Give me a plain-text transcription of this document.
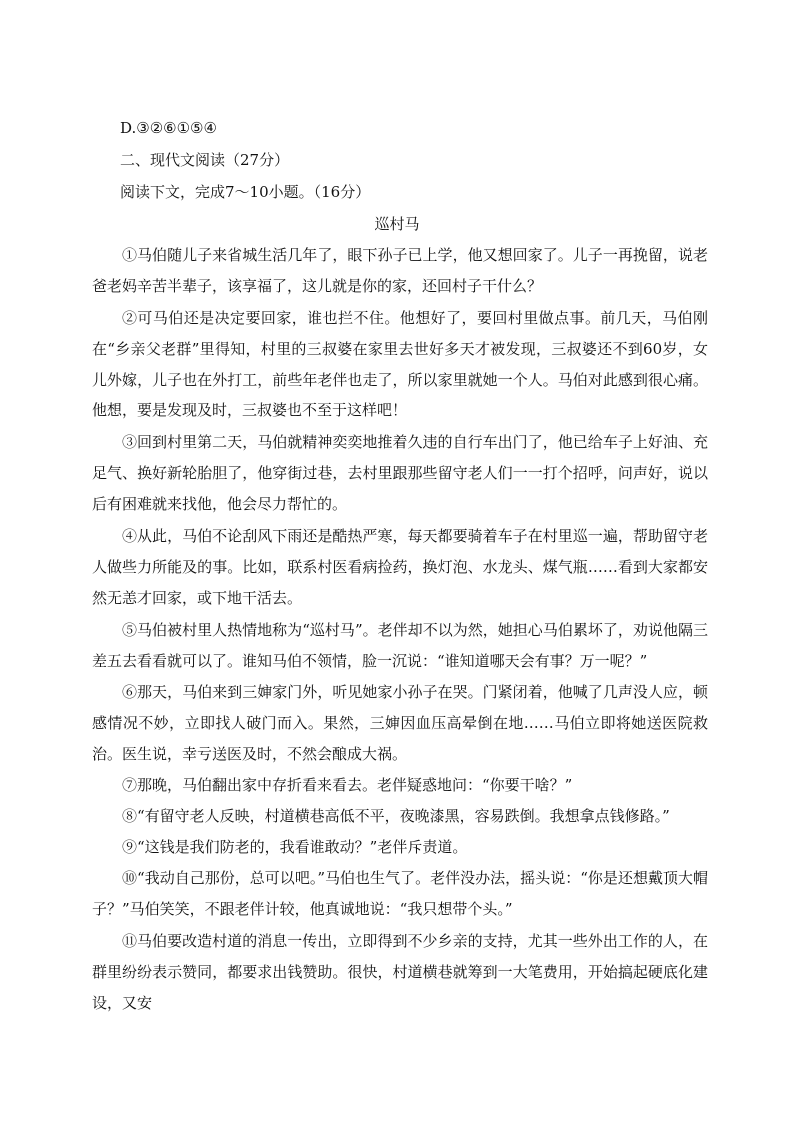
D.③②⑥①⑤④
二、现代文阅读（27分）
阅读下文，完成7～10小题。（16分）
巡村马

①马伯随儿子来省城生活几年了，眼下孙子已上学，他又想回家了。儿子一再挽留，说老爸老妈辛苦半辈子，该享福了，这儿就是你的家，还回村子干什么？

②可马伯还是决定要回家，谁也拦不住。他想好了，要回村里做点事。前几天，马伯刚在“乡亲父老群”里得知，村里的三叔婆在家里去世好多天才被发现，三叔婆还不到60岁，女儿外嫁，儿子也在外打工，前些年老伴也走了，所以家里就她一个人。马伯对此感到很心痛。他想，要是发现及时，三叔婆也不至于这样吧！

③回到村里第二天，马伯就精神奕奕地推着久违的自行车出门了，他已给车子上好油、充足气、换好新轮胎胆了，他穿街过巷，去村里跟那些留守老人们一一打个招呼，问声好，说以后有困难就来找他，他会尽力帮忙的。

④从此，马伯不论刮风下雨还是酷热严寒，每天都要骑着车子在村里巡一遍，帮助留守老人做些力所能及的事。比如，联系村医看病捡药，换灯泡、水龙头、煤气瓶……看到大家都安然无恙才回家，或下地干活去。

⑤马伯被村里人热情地称为“巡村马”。老伴却不以为然，她担心马伯累坏了，劝说他隔三差五去看看就可以了。谁知马伯不领情，脸一沉说：“谁知道哪天会有事？万一呢？”

⑥那天，马伯来到三婶家门外，听见她家小孙子在哭。门紧闭着，他喊了几声没人应，顿感情况不妙，立即找人破门而入。果然，三婶因血压高晕倒在地……马伯立即将她送医院救治。医生说，幸亏送医及时，不然会酿成大祸。

⑦那晚，马伯翻出家中存折看来看去。老伴疑惑地问：“你要干啥？”

⑧“有留守老人反映，村道横巷高低不平，夜晚漆黑，容易跌倒。我想拿点钱修路。”

⑨“这钱是我们防老的，我看谁敢动？”老伴斥责道。

⑩“我动自己那份，总可以吧。”马伯也生气了。老伴没办法，摇头说：“你是还想戴顶大帽子？”马伯笑笑，不跟老伴计较，他真诚地说：“我只想带个头。”

⑪马伯要改造村道的消息一传出，立即得到不少乡亲的支持，尤其一些外出工作的人，在群里纷纷表示赞同，都要求出钱赞助。很快，村道横巷就筹到一大笔费用，开始搞起硬底化建设，又安
